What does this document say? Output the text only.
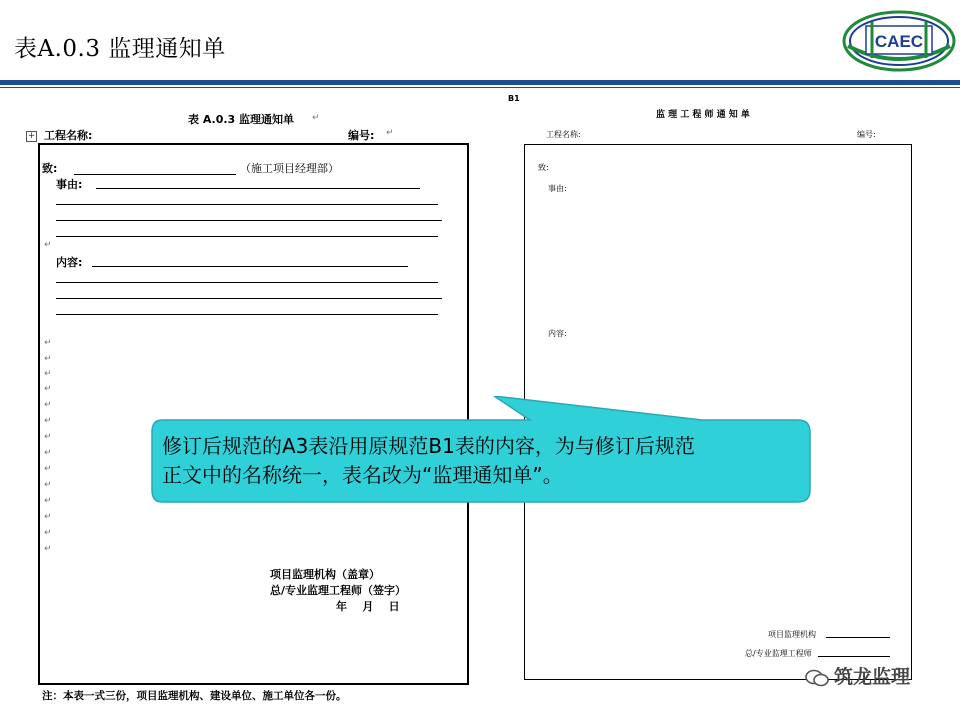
表A.0.3 监理通知单	CAEC
表 A.0.3 监理通知单 ↵
+ 工程名称:	编号: ↵
致:	（施工项目经理部）
事由:
内容:
↵
↵
↵
↵
↵
↵
↵
↵
↵
↵
↵
↵
↵
↵
↵
项目监理机构（盖章）
总/专业监理工程师（签字）
年    月    日
注：本表一式三份，项目监理机构、建设单位、施工单位各一份。
B1
监 理 工 程 师 通 知 单
工程名称:	编号:
致:
事由:
内容:
项目监理机构
总/专业监理工程师
修订后规范的A3表沿用原规范B1表的内容，为与修订后规范
正文中的名称统一，表名改为“监理通知单”。
筑龙监理
